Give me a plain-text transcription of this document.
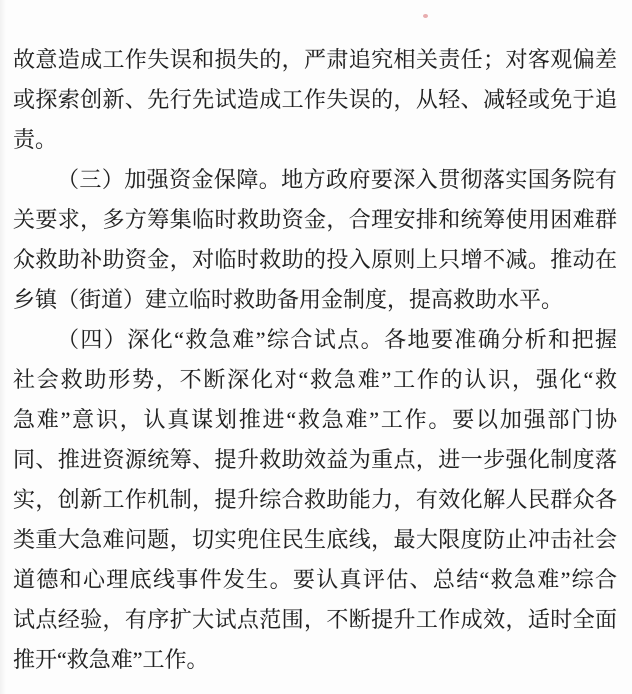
故意造成工作失误和损失的，严肃追究相关责任；对客观偏差
或探索创新、先行先试造成工作失误的，从轻、减轻或免于追
责。
（三）加强资金保障。地方政府要深入贯彻落实国务院有
关要求，多方筹集临时救助资金，合理安排和统筹使用困难群
众救助补助资金，对临时救助的投入原则上只增不减。推动在
乡镇（街道）建立临时救助备用金制度，提高救助水平。
（四）深化“救急难”综合试点。各地要准确分析和把握
社会救助形势，不断深化对“救急难”工作的认识，强化“救
急难”意识，认真谋划推进“救急难”工作。要以加强部门协
同、推进资源统筹、提升救助效益为重点，进一步强化制度落
实，创新工作机制，提升综合救助能力，有效化解人民群众各
类重大急难问题，切实兜住民生底线，最大限度防止冲击社会
道德和心理底线事件发生。要认真评估、总结“救急难”综合
试点经验，有序扩大试点范围，不断提升工作成效，适时全面
推开“救急难”工作。
